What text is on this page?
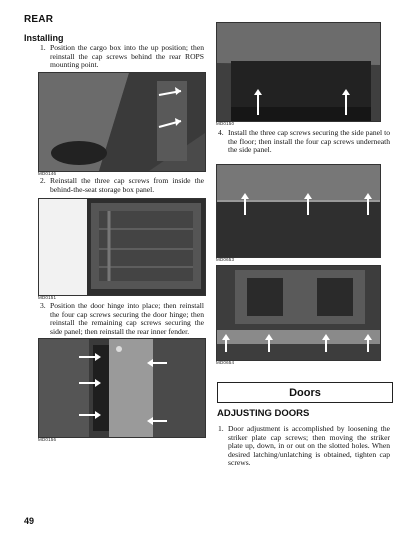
REAR
Installing
1. Position the cargo box into the up position; then reinstall the cap screws behind the rear ROPS mounting point.
MD0146
2. Reinstall the three cap screws from inside the behind-the-seat storage box panel.
MD0151
3. Position the door hinge into place; then reinstall the four cap screws securing the door hinge; then reinstall the remaining cap screws securing the side panel; then reinstall the rear inner fender.
MD0156
MD0150
4. Install the three cap screws securing the side panel to the floor; then install the four cap screws underneath the side panel.
MD0653
MD0654
Doors
ADJUSTING DOORS
1. Door adjustment is accomplished by loosening the striker plate cap screws; then moving the striker plate up, down, in or out on the slotted holes. When desired latching/unlatching is obtained, tighten cap screws.
49
